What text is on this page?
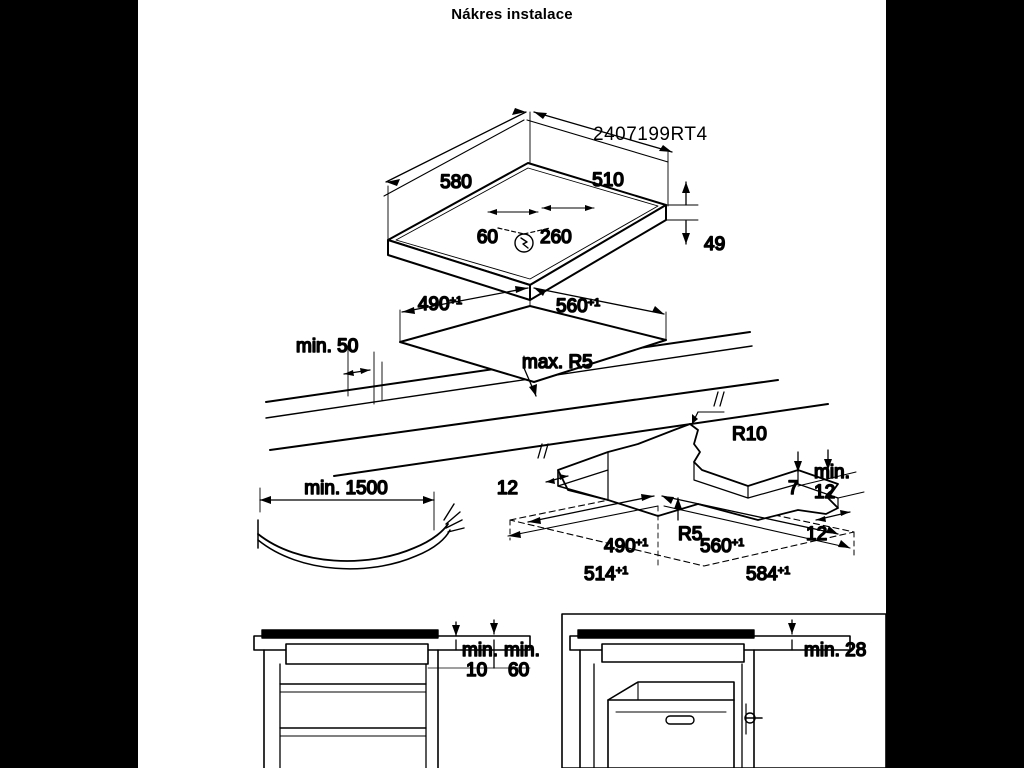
Nákres instalace
2407199RT4
580	510
60 260	49
$490^{+1}$	$560^{+1}$
min. 50
max. R5
12
R10
R5
7
min.
12
12
$490^{+1}$	$560^{+1}$
$514^{+1}$	$584^{+1}$
min. 1500
min.
10
min.
60
min. 28
